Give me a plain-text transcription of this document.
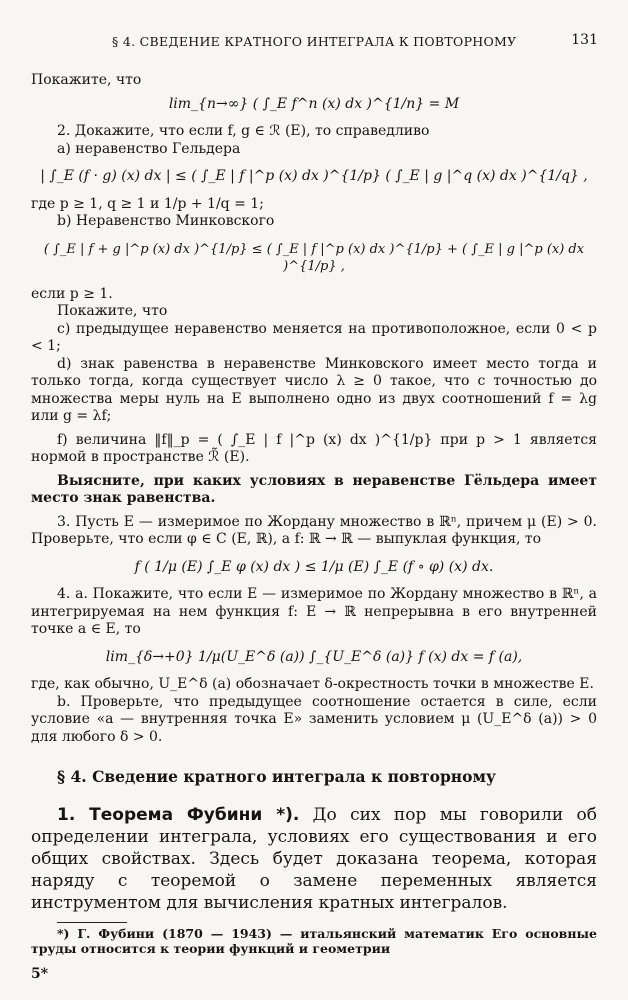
§ 4. СВЕДЕНИЕ КРАТНОГО ИНТЕГРАЛА К ПОВТОРНОМУ	131

Покажите, что

lim_{n→∞} ( ∫_E f^n (x) dx )^{1/n} = M

2. Докажите, что если f, g ∈ ℛ (E), то справедливо

a) неравенство Гельдера

| ∫_E (f · g) (x) dx | ≤ ( ∫_E | f |^p (x) dx )^{1/p} ( ∫_E | g |^q (x) dx )^{1/q} ,

где p ≥ 1, q ≥ 1 и 1/p + 1/q = 1;

b) Неравенство Минковского

( ∫_E | f + g |^p (x) dx )^{1/p} ≤ ( ∫_E | f |^p (x) dx )^{1/p} + ( ∫_E | g |^p (x) dx )^{1/p} ,

если p ≥ 1.

Покажите, что

c) предыдущее неравенство меняется на противоположное, если 0 < p < 1;

d) знак равенства в неравенстве Минковского имеет место тогда и только тогда, когда существует число λ ≥ 0 такое, что с точностью до множества меры нуль на E выполнено одно из двух соотношений f = λg или g = λf;

f) величина ‖f‖_p = ( ∫_E | f |^p (x) dx )^{1/p} при p > 1 является нормой в пространстве ℛ̃ (E).

Выясните, при каких условиях в неравенстве Гёльдера имеет место знак равенства.

3. Пусть E — измеримое по Жордану множество в ℝⁿ, причем μ (E) > 0. Проверьте, что если φ ∈ C (E, ℝ), а f: ℝ → ℝ — выпуклая функция, то

f ( 1/μ (E) ∫_E φ (x) dx ) ≤ 1/μ (E) ∫_E (f ∘ φ) (x) dx.

4. a. Покажите, что если E — измеримое по Жордану множество в ℝⁿ, а интегрируемая на нем функция f: E → ℝ непрерывна в его внутренней точке a ∈ E, то

lim_{δ→+0} 1/μ(U_E^δ (a)) ∫_{U_E^δ (a)} f (x) dx = f (a),

где, как обычно, U_E^δ (a) обозначает δ-окрестность точки в множестве E.

b. Проверьте, что предыдущее соотношение остается в силе, если условие «a — внутренняя точка E» заменить условием μ (U_E^δ (a)) > 0 для любого δ > 0.

§ 4. Сведение кратного интеграла к повторному

1. Теорема Фубини *). До сих пор мы говорили об определении интеграла, условиях его существования и его общих свойствах. Здесь будет доказана теорема, которая наряду с теоремой о замене переменных является инструментом для вычисления кратных интегралов.

*) Г. Фубини (1870 — 1943) — итальянский математик Его основные труды относится к теории функций и геометрии

5*
